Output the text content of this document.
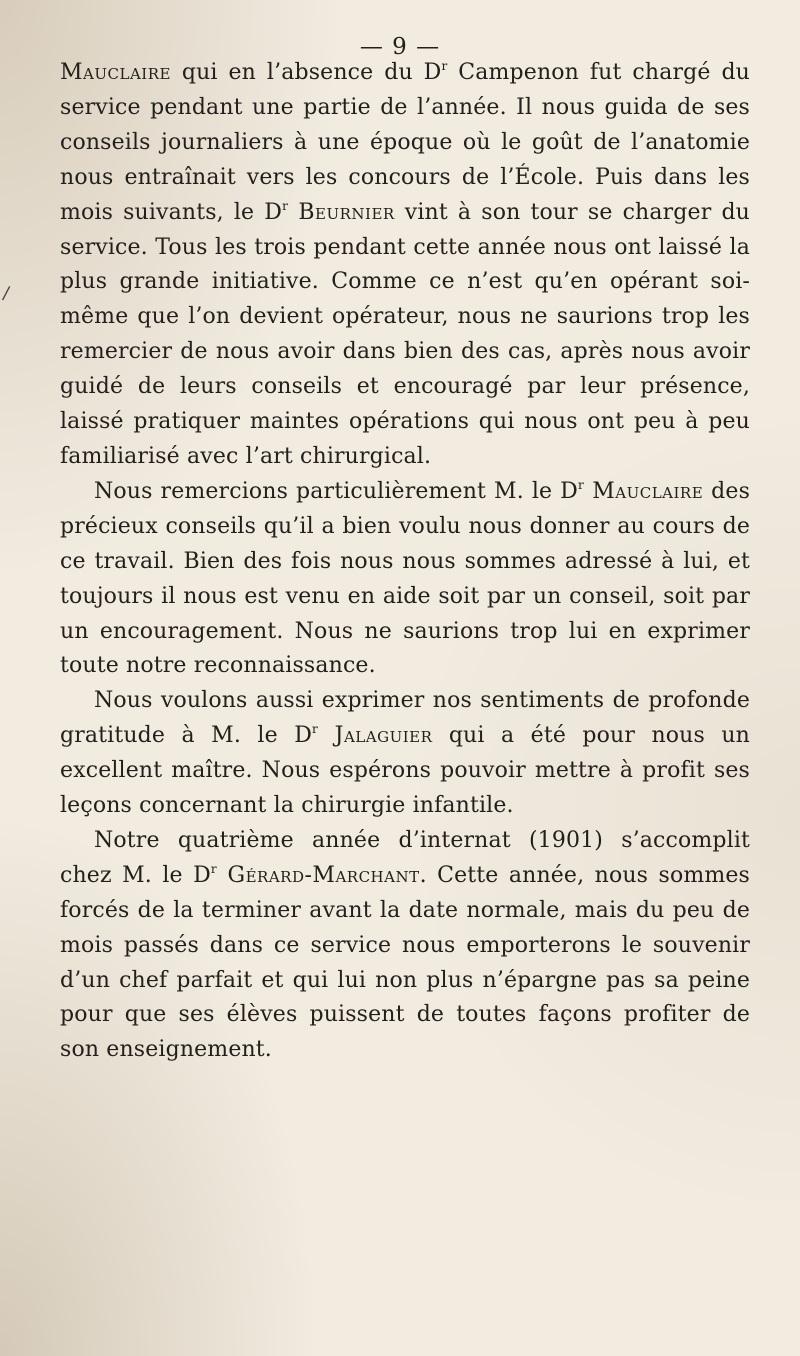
— 9 —
/

Mauclaire qui en l’absence du $D^r$ Campenon fut chargé du service pendant une partie de l’année. Il nous guida de ses conseils journaliers à une époque où le goût de l’anatomie nous entraînait vers les concours de l’École. Puis dans les mois suivants, le $D^r$ Beurnier vint à son tour se charger du service. Tous les trois pendant cette année nous ont laissé la plus grande initiative. Comme ce n’est qu’en opérant soi-même que l’on devient opérateur, nous ne saurions trop les remercier de nous avoir dans bien des cas, après nous avoir guidé de leurs conseils et encouragé par leur présence, laissé pratiquer maintes opérations qui nous ont peu à peu familiarisé avec l’art chirurgical.

Nous remercions particulièrement M. le $D^r$ Mauclaire des précieux conseils qu’il a bien voulu nous donner au cours de ce travail. Bien des fois nous nous sommes adressé à lui, et toujours il nous est venu en aide soit par un conseil, soit par un encouragement. Nous ne saurions trop lui en exprimer toute notre reconnaissance.

Nous voulons aussi exprimer nos sentiments de profonde gratitude à M. le $D^r$ Jalaguier qui a été pour nous un excellent maître. Nous espérons pouvoir mettre à profit ses leçons concernant la chirurgie infantile.

Notre quatrième année d’internat (1901) s’accomplit chez M. le $D^r$ Gérard-Marchant. Cette année, nous sommes forcés de la terminer avant la date normale, mais du peu de mois passés dans ce service nous emporterons le souvenir d’un chef parfait et qui lui non plus n’épargne pas sa peine pour que ses élèves puissent de toutes façons profiter de son enseignement.
